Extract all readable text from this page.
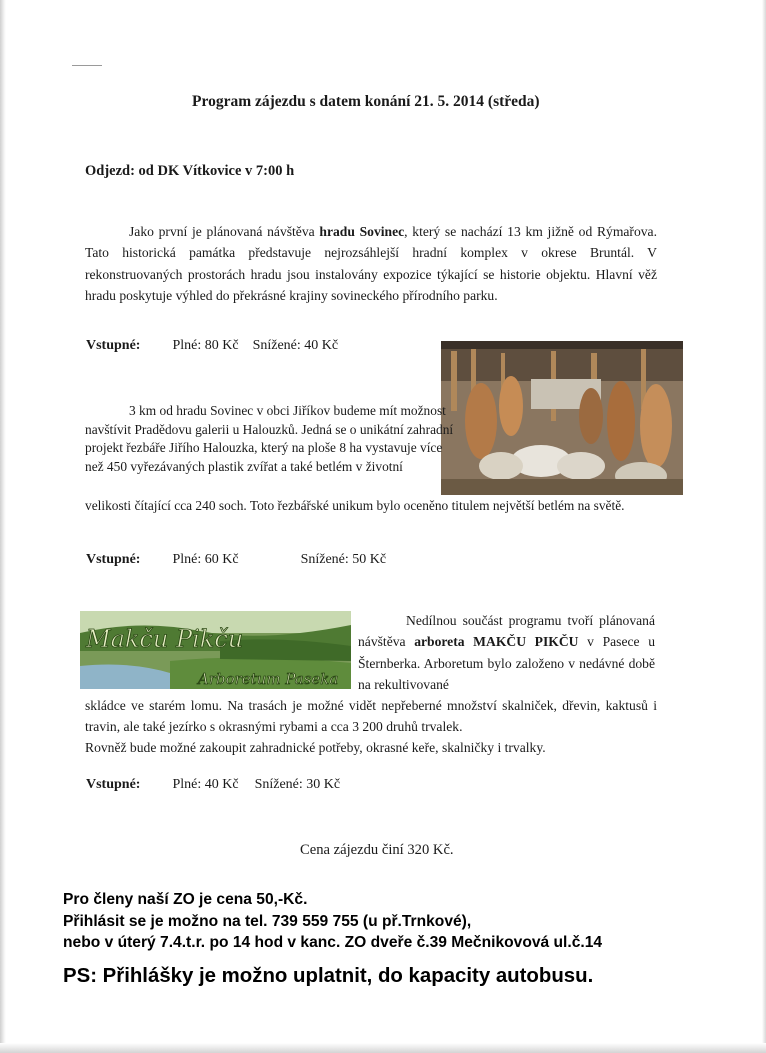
Program zájezdu s datem konání 21. 5. 2014 (středa)
Odjezd: od DK Vítkovice v 7:00 h
Jako první je plánovaná návštěva hradu Sovinec, který se nachází 13 km jižně od Rýmařova. Tato historická památka představuje nejrozsáhlejší hradní komplex v okrese Bruntál. V rekonstruovaných prostorách hradu jsou instalovány expozice týkající se historie objektu. Hlavní věž hradu poskytuje výhled do překrásné krajiny sovineckého přírodního parku.
Vstupné: Plné: 80 Kč Snížené: 40 Kč
3 km od hradu Sovinec v obci Jiříkov budeme mít možnost navštívit Pradědovu galerii u Halouzků. Jedná se o unikátní zahradní projekt řezbáře Jiřího Halouzka, který na ploše 8 ha vystavuje více než 450 vyřezávaných plastik zvířat a také betlém v životní
velikosti čítající cca 240 soch. Toto řezbářské unikum bylo oceněno titulem největší betlém na světě.
Vstupné: Plné: 60 Kč	Snížené: 50 Kč
Makču Pikču
Arboretum Paseka
Nedílnou součást programu tvoří plánovaná návštěva arboreta MAKČU PIKČU v Pasece u Šternberka. Arboretum bylo založeno v nedávné době na rekultivované
skládce ve starém lomu. Na trasách je možné vidět nepřeberné množství skalniček, dřevin, kaktusů i travin, ale také jezírko s okrasnými rybami a cca 3 200 druhů trvalek.
Rovněž bude možné zakoupit zahradnické potřeby, okrasné keře, skalničky i trvalky.
Vstupné: Plné: 40 Kč Snížené: 30 Kč
Cena zájezdu činí 320 Kč.
Pro členy naší ZO je cena 50,-Kč.
Přihlásit se je možno na tel. 739 559 755 (u př.Trnkové),
nebo v úterý 7.4.t.r. po 14 hod v kanc. ZO dveře č.39 Mečnikovová ul.č.14
PS: Přihlášky je možno uplatnit, do kapacity autobusu.
